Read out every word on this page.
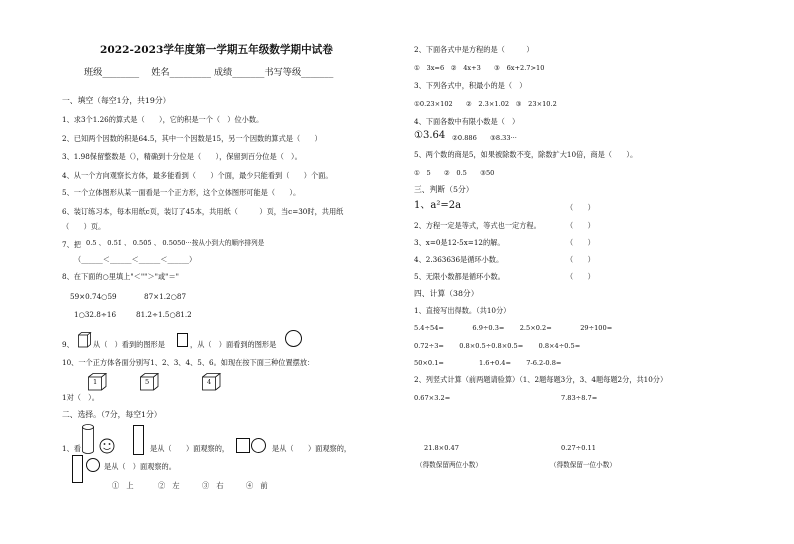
2022-2023学年度第一学期五年级数学期中试卷
班级________　 姓名_________ 成绩_______书写等级_______
一、填空（每空1分，共19分）
1、求3个1.26的算式是（　　），它的积是一个（　）位小数。
2、已知两个因数的积是64.5，其中一个因数是15，另一个因数的算式是（　　）
3、1.98保留整数是（），精确到十分位是（　　），保留到百分位是（　）。
4、从一个方向观察长方体，最多能看到（　　）个面，最少只能看到（　　）个面。
5、一个立体图形从某一面看是一个正方形，这个立体图形可能是（　　）。
6、装订练习本，每本用纸c页，装订了45本，共用纸（　　　）页，当c=30时，共用纸
（　　）页。
7、把 0.5 、 0.5̇1̇ 、 0.50̇5̇ 、 0.5050···按从小到大的顺序排列是
（______＜______＜______＜______）
8、在下面的○里填上"＜""＞"或"＝"
59×0.74○59	87×1.2○87
1○32.8÷16	81.2÷1.5○81.2
9、	从（　）看到的图形是	，从（　）面看到的图形是
10、一个正方体各面分别写1、2、3、4、5、6。如现在按下面三种位置摆放：
1	5	4
1对（　）。
二、选择。（7分，每空1分）
1、看	是从（　　）面观察的，	是从（　　）面观察的，
是从（　）面观察的。
①　上	②　左	③　右	④　前
2、下面各式中是方程的是（　　　）
①　3x=6　②　4x+3　　③　6x+2.7>10
3、下列各式中，积最小的是（　）
①0.23×102　　②　2.3×1.02　③　23×10.2
4、下面各数中有限小数是（　）
①3.64 ②0.886　　③8.33···
5、两个数的商是5，如果被除数不变，除数扩大10倍，商是（　　）。
①　5　　②　0.5　　③50
三、判断（5分）
1、a²=2a	（　　）
2、方程一定是等式，等式也一定方程。	（　　）
3、x=0是12-5x=12的解。	（　　）
4、2.363636是循环小数。	（　　）
5、无限小数都是循环小数。	（　　）
四、计算（38分）
1、直接写出得数。（共10分）
5.4÷54=　　　　 6.9÷0.3=　　 2.5×0.2=　　　　 29÷100=
0.72÷3=　　 0.8×0.5÷0.8×0.5=　　 0.8×4÷0.5=
50×0.1=　　　　　 1.6+0.4=　　 7-6.2-0.8=
2、列竖式计算（前两题请验算）（1、2题每题3分，3、4题每题2分，共10分）
0.67×3.2=	7.83÷8.7=
21.8×0.47	0.27÷0.11
（得数保留两位小数）	（得数保留一位小数）
